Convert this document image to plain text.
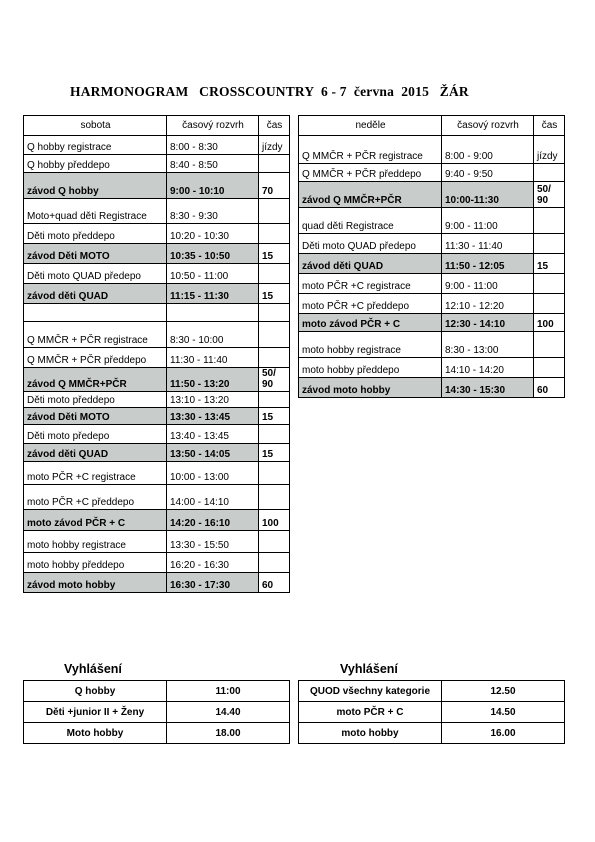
HARMONOGRAM   CROSSCOUNTRY  6 - 7  června  2015   ŽÁR
sobota	časový rozvrh	čas
Q hobby registrace	8:00 - 8:30	jízdy
Q hobby předdepo	8:40 - 8:50	
závod Q hobby	9:00 - 10:10	70
Moto+quad děti Registrace	8:30 - 9:30	
Děti moto předdepo	10:20 - 10:30	
závod Děti MOTO	10:35 - 10:50	15
Děti moto QUAD předepo	10:50 - 11:00	
závod děti QUAD	11:15 - 11:30	15

Q MMČR + PČR registrace	8:30 - 10:00	
Q MMČR + PČR předdepo	11:30 - 11:40	
závod Q MMČR+PČR	11:50 - 13:20	50/ 90
Děti moto předdepo	13:10 - 13:20	
závod Děti MOTO	13:30 - 13:45	15
Děti moto předepo	13:40 - 13:45	
závod děti QUAD	13:50 - 14:05	15
moto PČR +C registrace	10:00 - 13:00	
moto PČR +C předdepo	14:00 - 14:10	
moto závod PČR + C	14:20 - 16:10	100
moto hobby registrace	13:30 - 15:50	
moto hobby předdepo	16:20 - 16:30	
závod moto hobby	16:30 - 17:30	60
neděle	časový rozvrh	čas
Q MMČR + PČR registrace	8:00 - 9:00	jízdy
Q MMČR + PČR předdepo	9:40 - 9:50	
závod Q MMČR+PČR	10:00-11:30	50/ 90
quad děti Registrace	9:00 - 11:00	
Děti moto QUAD předepo	11:30 - 11:40	
závod děti QUAD	11:50 - 12:05	15
moto PČR +C registrace	9:00 - 11:00	
moto PČR +C předdepo	12:10 - 12:20	
moto závod PČR + C	12:30 - 14:10	100
moto hobby registrace	8:30 - 13:00	
moto hobby předdepo	14:10 - 14:20	
závod moto hobby	14:30 - 15:30	60
Vyhlášení
Q hobby	11:00
Děti +junior II + Ženy	14.40
Moto hobby	18.00
Vyhlášení
QUOD všechny kategorie	12.50
moto PČR + C	14.50
moto hobby	16.00
